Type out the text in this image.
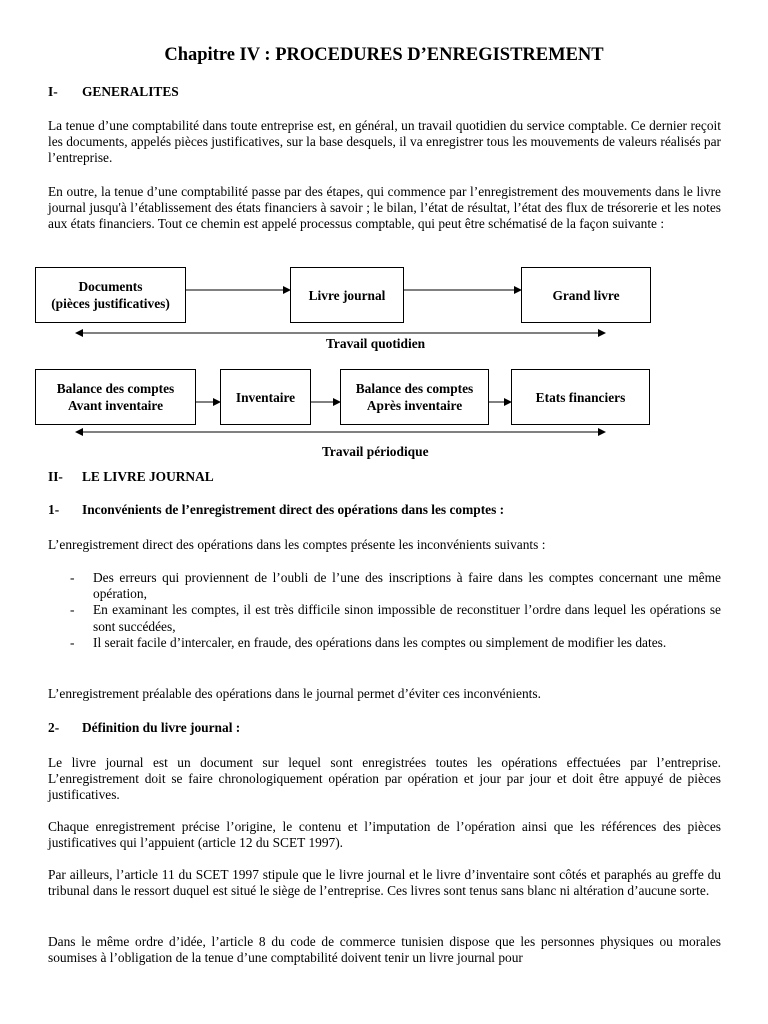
Chapitre IV : PROCEDURES D’ENREGISTREMENT
I- GENERALITES

La tenue d’une comptabilité dans toute entreprise est, en général, un travail quotidien du service comptable. Ce dernier reçoit les documents, appelés pièces justificatives, sur la base desquels, il va enregistrer tous les mouvements de valeurs réalisés par l’entreprise.

En outre, la tenue d’une comptabilité passe par des étapes, qui commence par l’enregistrement des mouvements dans le livre journal jusqu'à l’établissement des états financiers à savoir ; le bilan, l’état de résultat, l’état des flux de trésorerie et les notes aux états financiers. Tout ce chemin est appelé processus comptable, qui peut être schématisé de la façon suivante :

Documents
(pièces justificatives)
Livre journal	Grand livre
Travail quotidien
Balance des comptes
Avant inventaire
Inventaire
Balance des comptes
Après inventaire
Etats financiers
Travail périodique
II- LE LIVRE JOURNAL
1- Inconvénients de l’enregistrement direct des opérations dans les comptes :

L’enregistrement direct des opérations dans les comptes présente les inconvénients suivants :

- Des erreurs qui proviennent de l’oubli de l’une des inscriptions à faire dans les comptes concernant une même opération,
- En examinant les comptes, il est très difficile sinon impossible de reconstituer l’ordre dans lequel les opérations se sont succédées,
- Il serait facile d’intercaler, en fraude, des opérations dans les comptes ou simplement de modifier les dates.

L’enregistrement préalable des opérations dans le journal permet d’éviter ces inconvénients.

2- Définition du livre journal :

Le livre journal est un document sur lequel sont enregistrées toutes les opérations effectuées par l’entreprise. L’enregistrement doit se faire chronologiquement opération par opération et jour par jour et doit être appuyé de pièces justificatives.

Chaque enregistrement précise l’origine, le contenu et l’imputation de l’opération ainsi que les références des pièces justificatives qui l’appuient (article 12 du SCET 1997).

Par ailleurs, l’article 11 du SCET 1997 stipule que le livre journal et le livre d’inventaire sont côtés et paraphés au greffe du tribunal dans le ressort duquel est situé le siège de l’entreprise. Ces livres sont tenus sans blanc ni altération d’aucune sorte.

Dans le même ordre d’idée, l’article 8 du code de commerce tunisien dispose que les personnes physiques ou morales soumises à l’obligation de la tenue d’une comptabilité doivent tenir un livre journal pour
